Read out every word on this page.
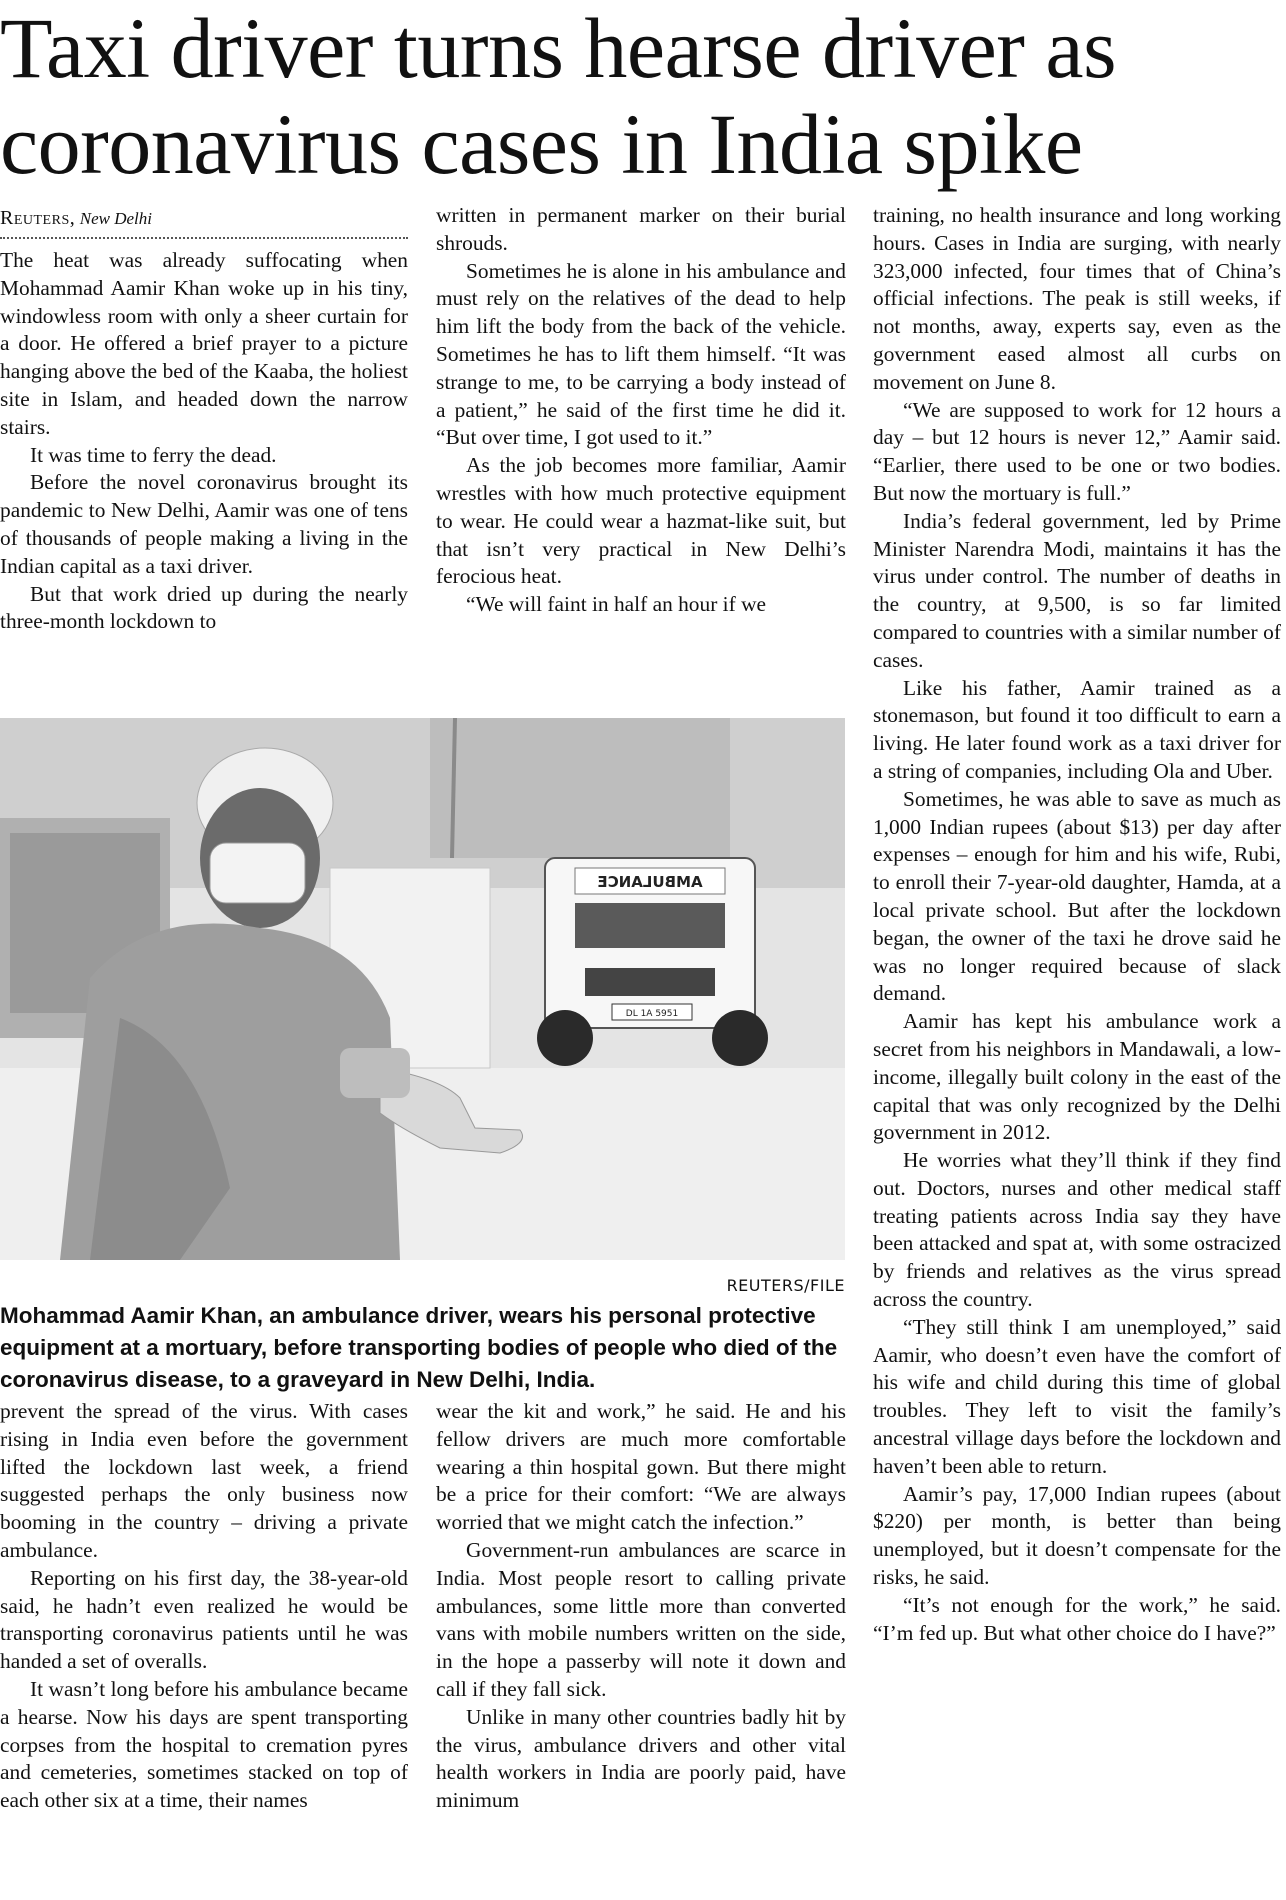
Taxi driver turns hearse driver as
coronavirus cases in India spike
Reuters, New Delhi

The heat was already suffocating when Mohammad Aamir Khan woke up in his tiny, windowless room with only a sheer curtain for a door. He offered a brief prayer to a picture hanging above the bed of the Kaaba, the holiest site in Islam, and headed down the narrow stairs.

It was time to ferry the dead.

Before the novel coronavirus brought its pandemic to New Delhi, Aamir was one of tens of thousands of people making a living in the Indian capital as a taxi driver.

But that work dried up during the nearly three-month lockdown to

written in permanent marker on their burial shrouds.

Sometimes he is alone in his ambulance and must rely on the relatives of the dead to help him lift the body from the back of the vehicle. Sometimes he has to lift them himself. “It was strange to me, to be carrying a body instead of a patient,” he said of the first time he did it. “But over time, I got used to it.”

As the job becomes more familiar, Aamir wrestles with how much protective equipment to wear. He could wear a hazmat-like suit, but that isn’t very practical in New Delhi’s ferocious heat.

“We will faint in half an hour if we

AMBULANCE
DL 1A 5951
REUTERS/FILE

Mohammad Aamir Khan, an ambulance driver, wears his personal protective equipment at a mortuary, before transporting bodies of people who died of the coronavirus disease, to a graveyard in New Delhi, India.

prevent the spread of the virus. With cases rising in India even before the government lifted the lockdown last week, a friend suggested perhaps the only business now booming in the country – driving a private ambulance.

Reporting on his first day, the 38-year-old said, he hadn’t even realized he would be transporting coronavirus patients until he was handed a set of overalls.

It wasn’t long before his ambulance became a hearse. Now his days are spent transporting corpses from the hospital to cremation pyres and cemeteries, sometimes stacked on top of each other six at a time, their names

wear the kit and work,” he said. He and his fellow drivers are much more comfortable wearing a thin hospital gown. But there might be a price for their comfort: “We are always worried that we might catch the infection.”

Government-run ambulances are scarce in India. Most people resort to calling private ambulances, some little more than converted vans with mobile numbers written on the side, in the hope a passerby will note it down and call if they fall sick.

Unlike in many other countries badly hit by the virus, ambulance drivers and other vital health workers in India are poorly paid, have minimum

training, no health insurance and long working hours. Cases in India are surging, with nearly 323,000 infected, four times that of China’s official infections. The peak is still weeks, if not months, away, experts say, even as the government eased almost all curbs on movement on June 8.

“We are supposed to work for 12 hours a day – but 12 hours is never 12,” Aamir said. “Earlier, there used to be one or two bodies. But now the mortuary is full.”

India’s federal government, led by Prime Minister Narendra Modi, maintains it has the virus under control. The number of deaths in the country, at 9,500, is so far limited compared to countries with a similar number of cases.

Like his father, Aamir trained as a stonemason, but found it too difficult to earn a living. He later found work as a taxi driver for a string of companies, including Ola and Uber.

Sometimes, he was able to save as much as 1,000 Indian rupees (about $13) per day after expenses – enough for him and his wife, Rubi, to enroll their 7-year-old daughter, Hamda, at a local private school. But after the lockdown began, the owner of the taxi he drove said he was no longer required because of slack demand.

Aamir has kept his ambulance work a secret from his neighbors in Mandawali, a low-income, illegally built colony in the east of the capital that was only recognized by the Delhi government in 2012.

He worries what they’ll think if they find out. Doctors, nurses and other medical staff treating patients across India say they have been attacked and spat at, with some ostracized by friends and relatives as the virus spread across the country.

“They still think I am unemployed,” said Aamir, who doesn’t even have the comfort of his wife and child during this time of global troubles. They left to visit the family’s ancestral village days before the lockdown and haven’t been able to return.

Aamir’s pay, 17,000 Indian rupees (about $220) per month, is better than being unemployed, but it doesn’t compensate for the risks, he said.

“It’s not enough for the work,” he said. “I’m fed up. But what other choice do I have?”
